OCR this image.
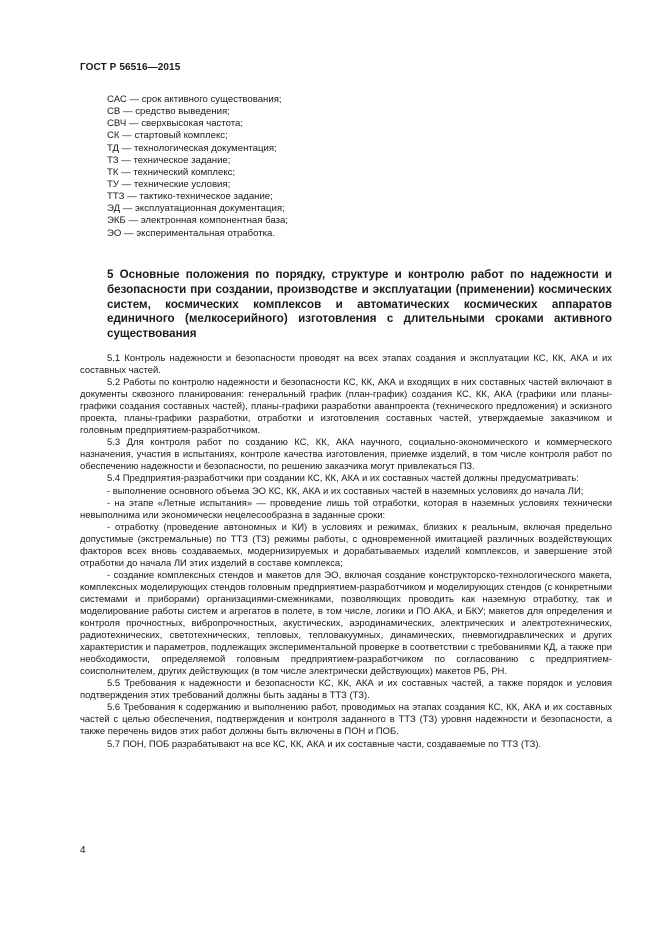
ГОСТ Р 56516—2015
САС — срок активного существования;
СВ — средство выведения;
СВЧ — сверхвысокая частота;
СК — стартовый комплекс;
ТД — технологическая документация;
ТЗ — техническое задание;
ТК — технический комплекс;
ТУ — технические условия;
ТТЗ — тактико-техническое задание;
ЭД — эксплуатационная документация;
ЭКБ — электронная компонентная база;
ЭО — экспериментальная отработка.
5 Основные положения по порядку, структуре и контролю работ по надежности и безопасности при создании, производстве и эксплуатации (применении) космических систем, космических комплексов и автоматических космических аппаратов единичного (мелкосерийного) изготовления с длительными сроками активного существования

5.1 Контроль надежности и безопасности проводят на всех этапах создания и эксплуатации КС, КК, АКА и их составных частей.

5.2 Работы по контролю надежности и безопасности КС, КК, АКА и входящих в них составных частей включают в документы сквозного планирования: генеральный график (план-график) создания КС, КК, АКА (графики или планы-графики создания составных частей), планы-графики разработки аванпроекта (технического предложения) и эскизного проекта, планы-графики разработки, отработки и изготовления составных частей, утверждаемые заказчиком и головным предприятием-разработчиком.

5.3 Для контроля работ по созданию КС, КК, АКА научного, социально-экономического и коммерческого назначения, участия в испытаниях, контроле качества изготовления, приемке изделий, в том числе контроля работ по обеспечению надежности и безопасности, по решению заказчика могут привлекаться ПЗ.

5.4 Предприятия-разработчики при создании КС, КК, АКА и их составных частей должны предусматривать:

- выполнение основного объема ЭО КС, КК, АКА и их составных частей в наземных условиях до начала ЛИ;

- на этапе «Летные испытания» — проведение лишь той отработки, которая в наземных условиях технически невыполнима или экономически нецелесообразна в заданные сроки:

- отработку (проведение автономных и КИ) в условиях и режимах, близких к реальным, включая предельно допустимые (экстремальные) по ТТЗ (ТЗ) режимы работы, с одновременной имитацией различных воздействующих факторов всех вновь создаваемых, модернизируемых и дорабатываемых изделий комплексов, и завершение этой отработки до начала ЛИ этих изделий в составе комплекса;

- создание комплексных стендов и макетов для ЭО, включая создание конструкторско-технологического макета, комплексных моделирующих стендов головным предприятием-разработчиком и моделирующих стендов (с конкретными системами и приборами) организациями-смежниками, позволяющих проводить как наземную отработку, так и моделирование работы систем и агрегатов в полете, в том числе, логики и ПО АКА, и БКУ; макетов для определения и контроля прочностных, вибропрочностных, акустических, аэродинамических, электрических и электротехнических, радиотехнических, светотехнических, тепловых, тепловакуумных, динамических, пневмогидравлических и других характеристик и параметров, подлежащих экспериментальной проверке в соответствии с требованиями КД, а также при необходимости, определяемой головным предприятием-разработчиком по согласованию с предприятием-соисполнителем, других действующих (в том числе электрически действующих) макетов РБ, РН.

5.5 Требования к надежности и безопасности КС, КК, АКА и их составных частей, а также порядок и условия подтверждения этих требований должны быть заданы в ТТЗ (ТЗ).

5.6 Требования к содержанию и выполнению работ, проводимых на этапах создания КС, КК, АКА и их составных частей с целью обеспечения, подтверждения и контроля заданного в ТТЗ (ТЗ) уровня надежности и безопасности, а также перечень видов этих работ должны быть включены в ПОН и ПОБ.

5.7 ПОН, ПОБ разрабатывают на все КС, КК, АКА и их составные части, создаваемые по ТТЗ (ТЗ).

4
